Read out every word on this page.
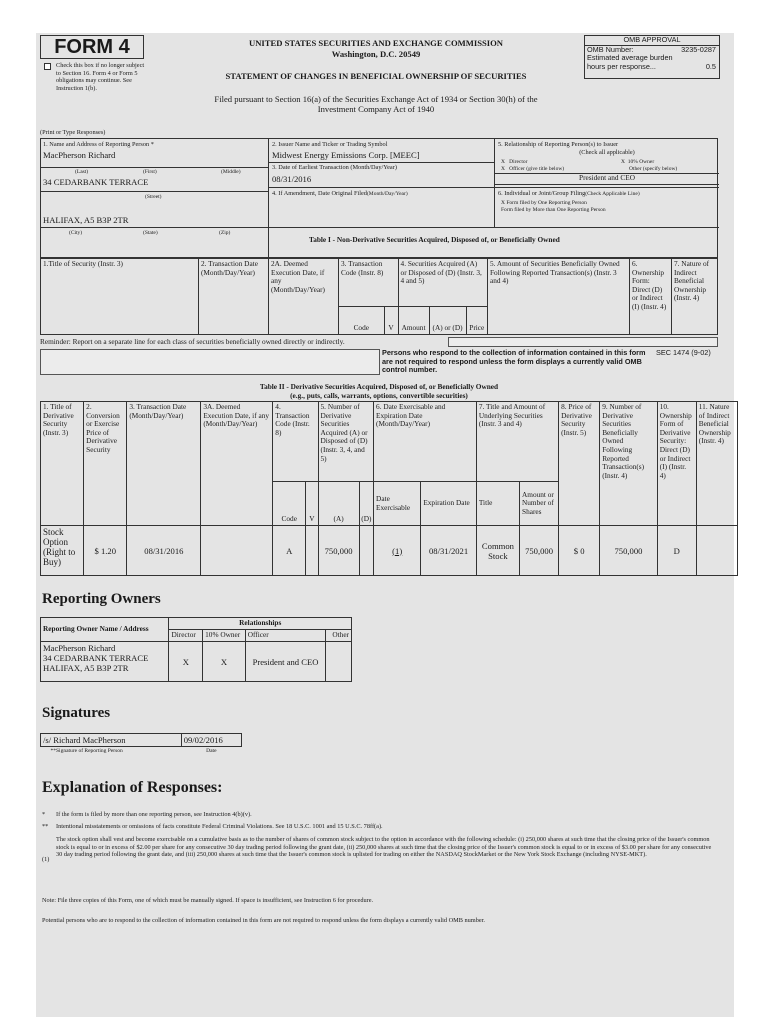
FORM 4
Check this box if no longer subject to Section 16. Form 4 or Form 5 obligations may continue. See Instruction 1(b).
UNITED STATES SECURITIES AND EXCHANGE COMMISSION
Washington, D.C. 20549
STATEMENT OF CHANGES IN BENEFICIAL OWNERSHIP OF SECURITIES
Filed pursuant to Section 16(a) of the Securities Exchange Act of 1934 or Section 30(h) of the
Investment Company Act of 1940
OMB APPROVAL
OMB Number:	3235-0287
Estimated average burden
hours per response...	0.5
(Print or Type Responses)
1. Name and Address of Reporting Person *
MacPherson Richard
(Last)	(First)	(Middle)
34 CEDARBANK TERRACE
(Street)
HALIFAX, A5 B3P 2TR
(City)	(State)	(Zip)
2. Issuer Name and Ticker or Trading Symbol
Midwest Energy Emissions Corp. [MEEC]
3. Date of Earliest Transaction (Month/Day/Year)
08/31/2016
4. If Amendment, Date Original Filed(Month/Day/Year)
5. Relationship of Reporting Person(s) to Issuer
(Check all applicable)
X Director	X 10% Owner
X Officer (give title below)	Other (specify below)
President and CEO
6. Individual or Joint/Group Filing(Check Applicable Line)
X Form filed by One Reporting Person
Form filed by More than One Reporting Person
Table I - Non-Derivative Securities Acquired, Disposed of, or Beneficially Owned
1.Title of Security (Instr. 3)	2. Transaction Date (Month/Day/Year)	2A. Deemed Execution Date, if any (Month/Day/Year)	3. Transaction Code (Instr. 8)		4. Securities Acquired (A) or Disposed of (D) (Instr. 3, 4 and 5)			5. Amount of Securities Beneficially Owned Following Reported Transaction(s) (Instr. 3 and 4)	6. Ownership Form: Direct (D) or Indirect (I) (Instr. 4)	7. Nature of Indirect Beneficial Ownership (Instr. 4)
			Code	V	Amount	(A) or (D)	Price			
Reminder: Report on a separate line for each class of securities beneficially owned directly or indirectly.
Persons who respond to the collection of information contained in this form are not required to respond unless the form displays a currently valid OMB control number.
SEC 1474 (9-02)
Table II - Derivative Securities Acquired, Disposed of, or Beneficially Owned
(e.g., puts, calls, warrants, options, convertible securities)
1. Title of Derivative Security (Instr. 3)	2. Conversion or Exercise Price of Derivative Security	3. Transaction Date (Month/Day/Year)	3A. Deemed Execution Date, if any (Month/Day/Year)	4. Transaction Code (Instr. 8)		5. Number of Derivative Securities Acquired (A) or Disposed of (D) (Instr. 3, 4, and 5)		6. Date Exercisable and Expiration Date (Month/Day/Year)		7. Title and Amount of Underlying Securities (Instr. 3 and 4)		8. Price of Derivative Security (Instr. 5)	9. Number of Derivative Securities Beneficially Owned Following Reported Transaction(s) (Instr. 4)	10. Ownership Form of Derivative Security: Direct (D) or Indirect (I) (Instr. 4)	11. Nature of Indirect Beneficial Ownership (Instr. 4)
				Code	V	(A)	(D)	Date Exercisable	Expiration Date	Title	Amount or Number of Shares				
Stock Option (Right to Buy)	$ 1.20	08/31/2016		A		750,000		(1)	08/31/2021	Common Stock	750,000	$ 0	750,000	D	
Reporting Owners
Reporting Owner Name / Address	Relationships			
	Director	10% Owner	Officer	Other

MacPherson Richard
34 CEDARBANK TERRACE
HALIFAX, A5 B3P 2TR	X	X	President and CEO	
Signatures
/s/ Richard MacPherson	09/02/2016
**Signature of Reporting Person	Date
Explanation of Responses:
* If the form is filed by more than one reporting person, see Instruction 4(b)(v).
** Intentional misstatements or omissions of facts constitute Federal Criminal Violations. See 18 U.S.C. 1001 and 15 U.S.C. 78ff(a).
(1)
The stock option shall vest and become exercisable on a cumulative basis as to the number of shares of common stock subject to the option in accordance with the following schedule: (i) 250,000 shares at such time that the closing price of the Issuer's common stock is equal to or in excess of $2.00 per share for any consecutive 30 day trading period following the grant date, (ii) 250,000 shares at such time that the closing price of the Issuer's common stock is equal to or in excess of $3.00 per share for any consecutive 30 day trading period following the grant date, and (iii) 250,000 shares at such time that the Issuer's common stock is uplisted for trading on either the NASDAQ StockMarket or the New York Stock Exchange (including NYSE-MKT).
Note: File three copies of this Form, one of which must be manually signed. If space is insufficient, see Instruction 6 for procedure.
Potential persons who are to respond to the collection of information contained in this form are not required to respond unless the form displays a currently valid OMB number.
